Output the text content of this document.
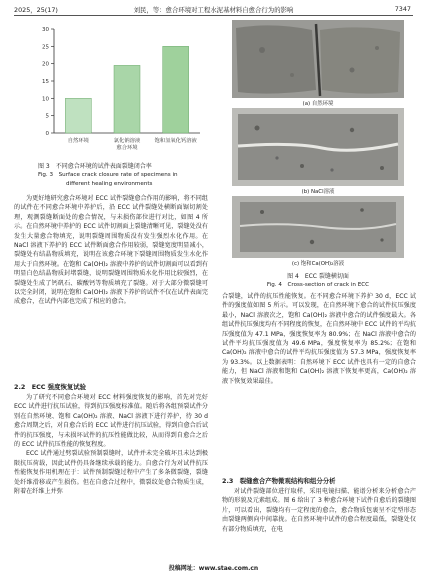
2025，25(17)	刘民，等：愈合环境对工程水泥基材料自愈合行为的影响	7347
0
5
10
15
20
25
30
自然环境	氯化钠溶液
愈合环境
饱和氢氧化钙溶液
图 3　不同愈合环境的试件表面裂缝闭合率
Fig. 3　Surface crack closure rate of specimens in
different healing environments

为更好地研究愈合环境对 ECC 试件裂缝愈合作用的影响，将不同组的试件在不同愈合环境中养护后，沿 ECC 试件裂缝处横断面锯切割处理，观测裂缝断面处的愈合情况，与未损伤部位进行对比，如图 4 所示。在自然环境中养护的 ECC 试件切割面上裂缝清晰可见，裂缝处没有发生大量愈合物填充，说明裂缝周围物质没有发生强烈水化作用。在 NaCl 溶液下养护的 ECC 试件断面愈合作用较弱，裂缝宽度明显减小，裂缝处有结晶物质填充，说明在该愈合环境下裂缝周围物质发生水化作用大于自然环境。在饱和 Ca(OH)₂ 溶液中养护的试件切割面可以看到有明显白色结晶物质封堵裂缝，说明裂缝周围物质水化作用比较强烈，在裂缝处生成了钙矾石、碳酸钙等物质填充了裂缝。对于大部分微裂缝可以完全封闭，说明在饱和 Ca(OH)₂ 溶液下养护的试件不仅在试件表面完成愈合，在试件内部也完成了相应的愈合。

2.2　ECC 强度恢复试验

为了研究不同愈合环境对 ECC 材料强度恢复的影响，首先对完好 ECC 试件进行抗压试验，得到抗压强度标准值。随后将各组预裂试件分别在自然环境、饱和 Ca(OH)₂ 溶液、NaCl 溶液下进行养护，待 30 d 愈合周期之后，对自愈合后的 ECC 试件进行抗压试验，得到自愈合后试件的抗压强度，与未损坏试件的抗压性能做比较，从而得到自愈合之后的 ECC 试件抗压性能的恢复程度。

ECC 试件通过劈裂试验预制裂缝时，试件并未完全破坏且未达到极限抗压荷载，因此试件仍具备继续承载的能力。自愈合行为对试件抗压性能恢复作用机理在于：试件预制裂缝过程中产生了多条微裂缝，裂缝处纤维滑移或产生损伤。但在自愈合过程中，微裂纹处愈合物质生成，附着在纤维上并弥

(a) 自然环境
(b) NaCl溶液
(c) 饱和Ca(OH)₂溶液
图 4　ECC 裂缝横切面
Fig. 4　Cross-section of crack in ECC

合裂缝，试件的抗压性能恢复。在不同愈合环境下养护 30 d，ECC 试件的强度值如图 5 所示。可以发现，在自然环境下愈合的试件抗压强度最小，NaCl 溶液次之，饱和 Ca(OH)₂ 溶液中愈合的试件强度最大。各组试件抗压强度均有不同程度的恢复，在自然环境中 ECC 试件的平均抗压强度值为 47.1 MPa，强度恢复率为 80.9%；在 NaCl 溶液中愈合的试件平均抗压强度值为 49.6 MPa，强度恢复率为 85.2%；在饱和 Ca(OH)₂ 溶液中愈合的试件平均抗压强度值为 57.3 MPa，强度恢复率为 93.3%。以上数据表明：自然环境下 ECC 试件也具有一定的自愈合能力，但 NaCl 溶液和饱和 Ca(OH)₂ 溶液下恢复率更高，Ca(OH)₂ 溶液下恢复效果最佳。

2.3　裂缝愈合产物微观结构和组分分析

对试件裂缝部位进行取样，采用电镜扫描、能谱分析来分析愈合产物的形貌及元素组成。图 6 给出了 3 种愈合环境下试件自愈后的裂缝图片，可以看出，裂缝均有一定程度的愈合，愈合物质包裹呈不定型形态由裂缝两侧向中间靠拢。在自然环境中试件的愈合程度最低，裂缝处仅有部分物质填充，在电

投稿网址：www.stae.com.cn
